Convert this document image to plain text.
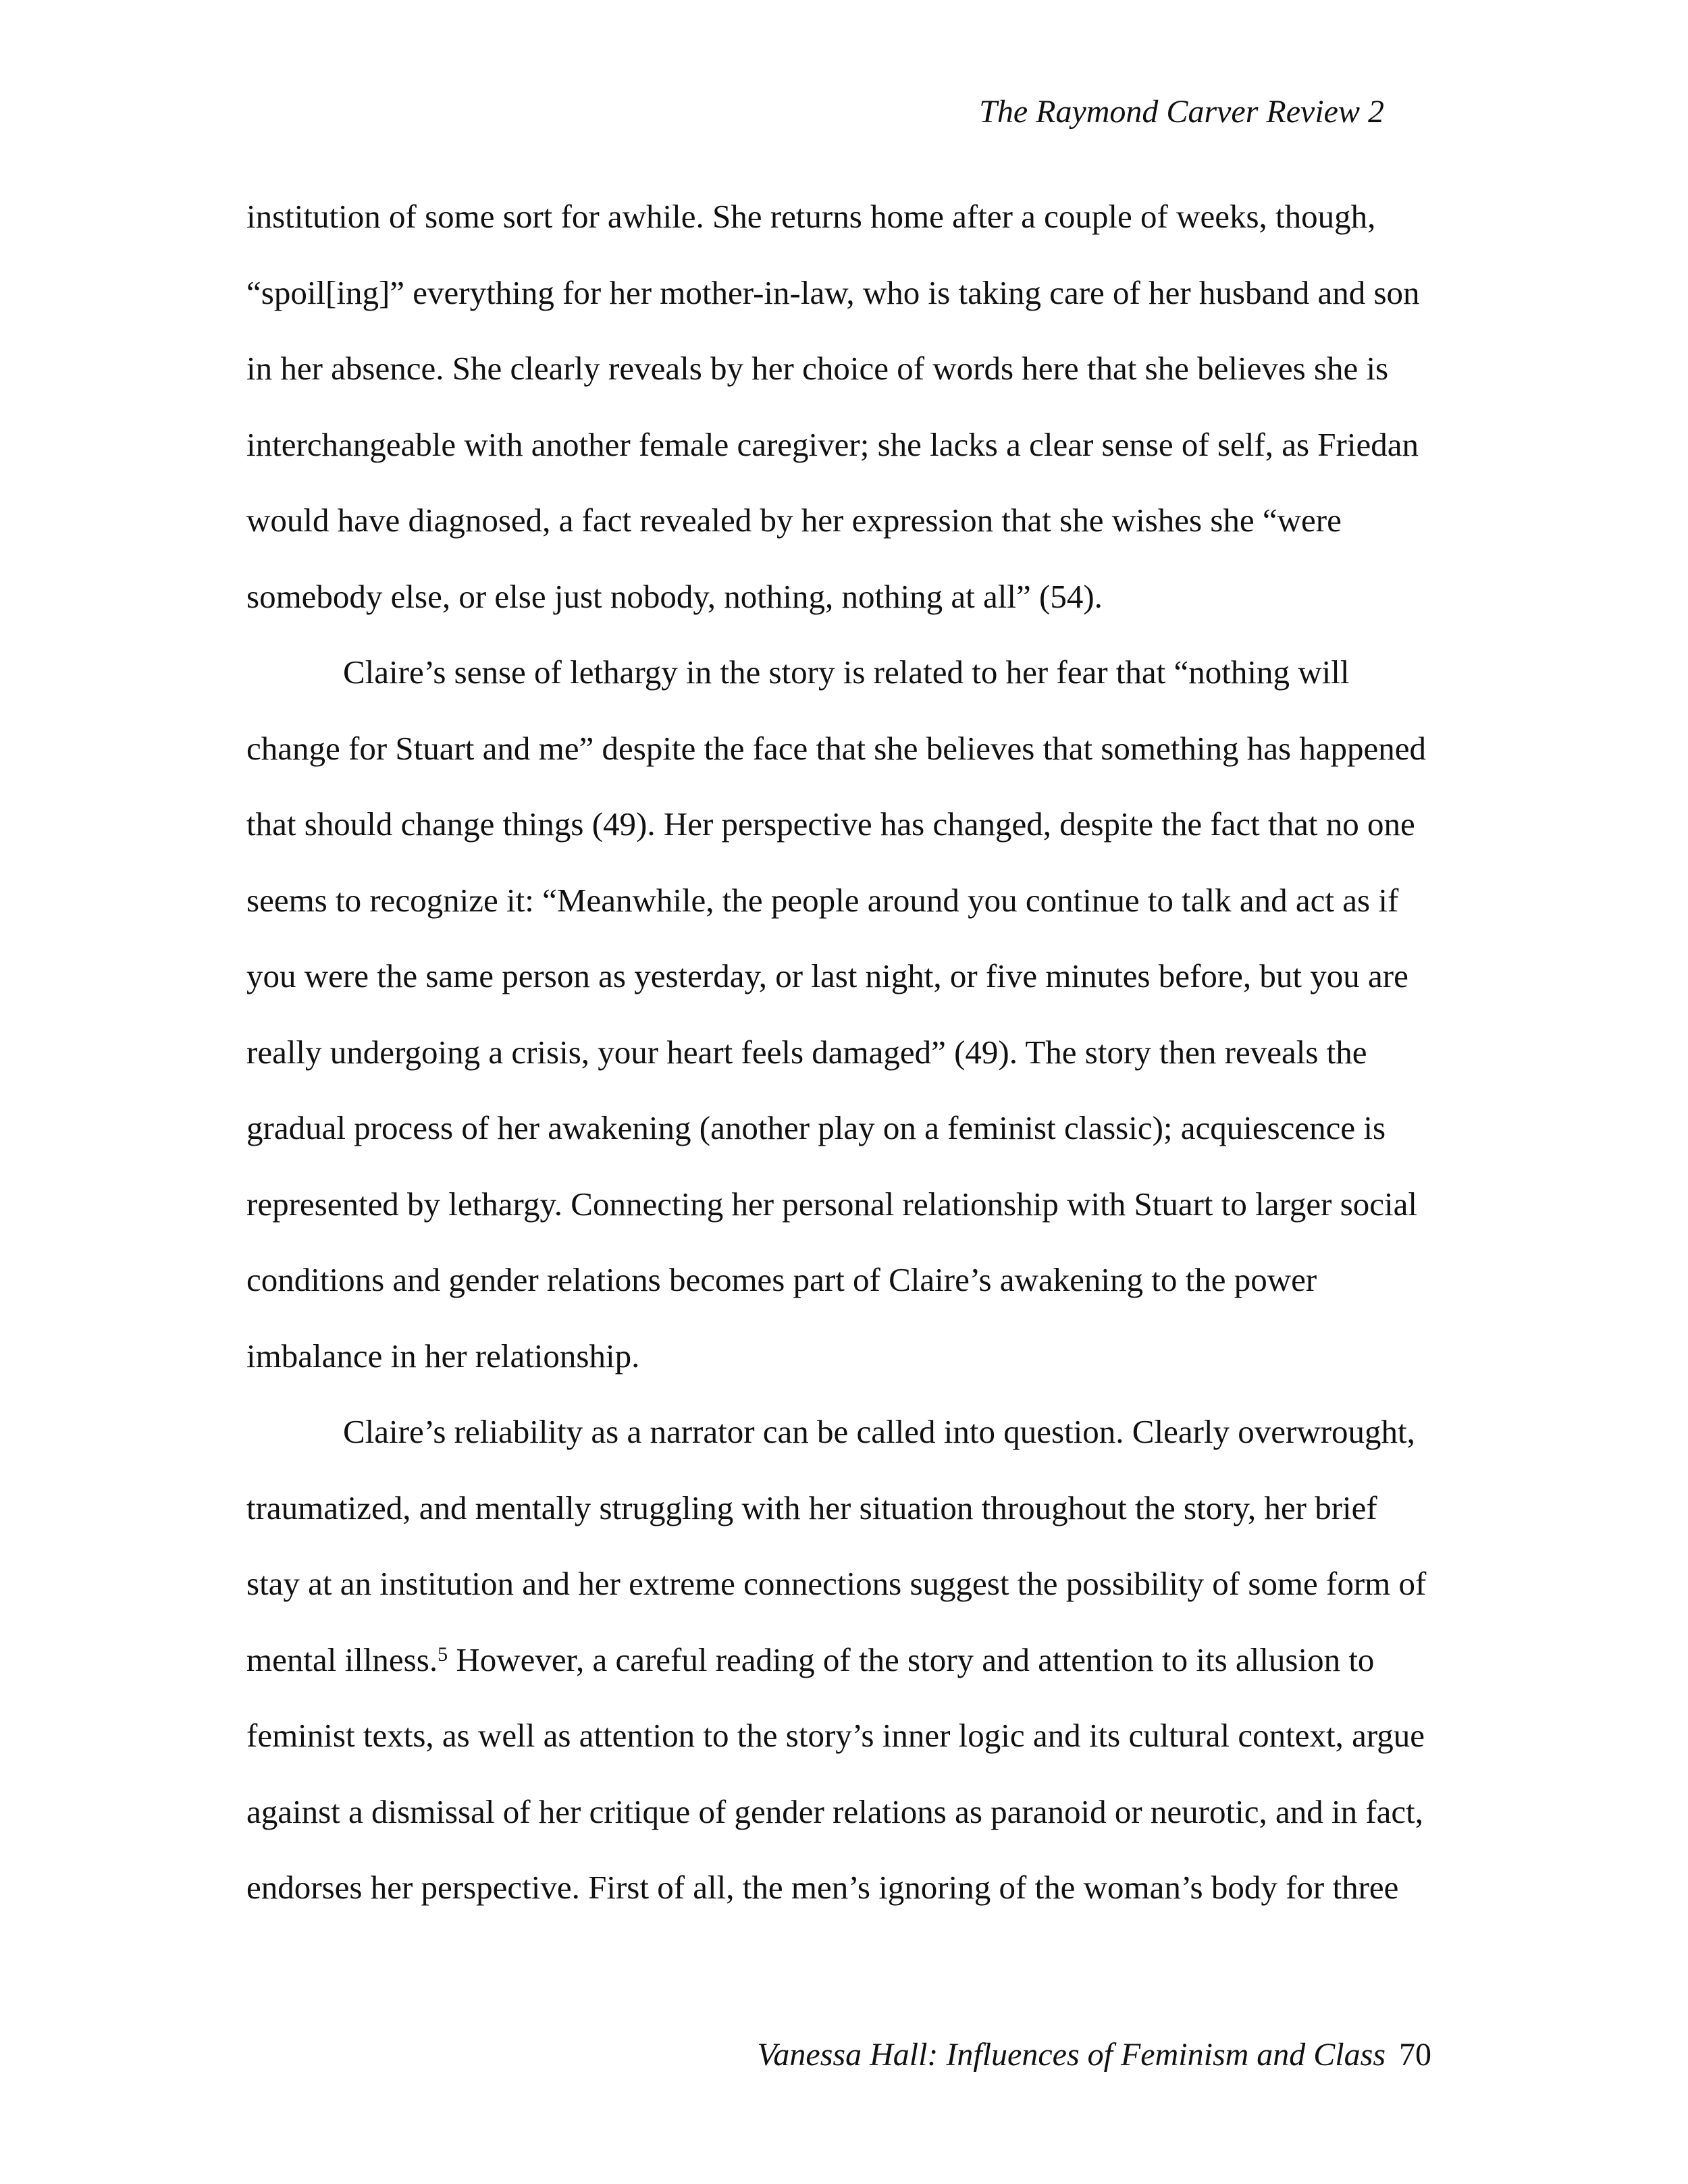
The Raymond Carver Review 2
institution of some sort for awhile. She returns home after a couple of weeks, though,
“spoil[ing]” everything for her mother-in-law, who is taking care of her husband and son
in her absence. She clearly reveals by her choice of words here that she believes she is
interchangeable with another female caregiver; she lacks a clear sense of self, as Friedan
would have diagnosed, a fact revealed by her expression that she wishes she “were
somebody else, or else just nobody, nothing, nothing at all” (54).
Claire’s sense of lethargy in the story is related to her fear that “nothing will
change for Stuart and me” despite the face that she believes that something has happened
that should change things (49). Her perspective has changed, despite the fact that no one
seems to recognize it: “Meanwhile, the people around you continue to talk and act as if
you were the same person as yesterday, or last night, or five minutes before, but you are
really undergoing a crisis, your heart feels damaged” (49). The story then reveals the
gradual process of her awakening (another play on a feminist classic); acquiescence is
represented by lethargy. Connecting her personal relationship with Stuart to larger social
conditions and gender relations becomes part of Claire’s awakening to the power
imbalance in her relationship.
Claire’s reliability as a narrator can be called into question. Clearly overwrought,
traumatized, and mentally struggling with her situation throughout the story, her brief
stay at an institution and her extreme connections suggest the possibility of some form of
mental illness.$^5$ However, a careful reading of the story and attention to its allusion to
feminist texts, as well as attention to the story’s inner logic and its cultural context, argue
against a dismissal of her critique of gender relations as paranoid or neurotic, and in fact,
endorses her perspective. First of all, the men’s ignoring of the woman’s body for three
Vanessa Hall: Influences of Feminism and Class 70
